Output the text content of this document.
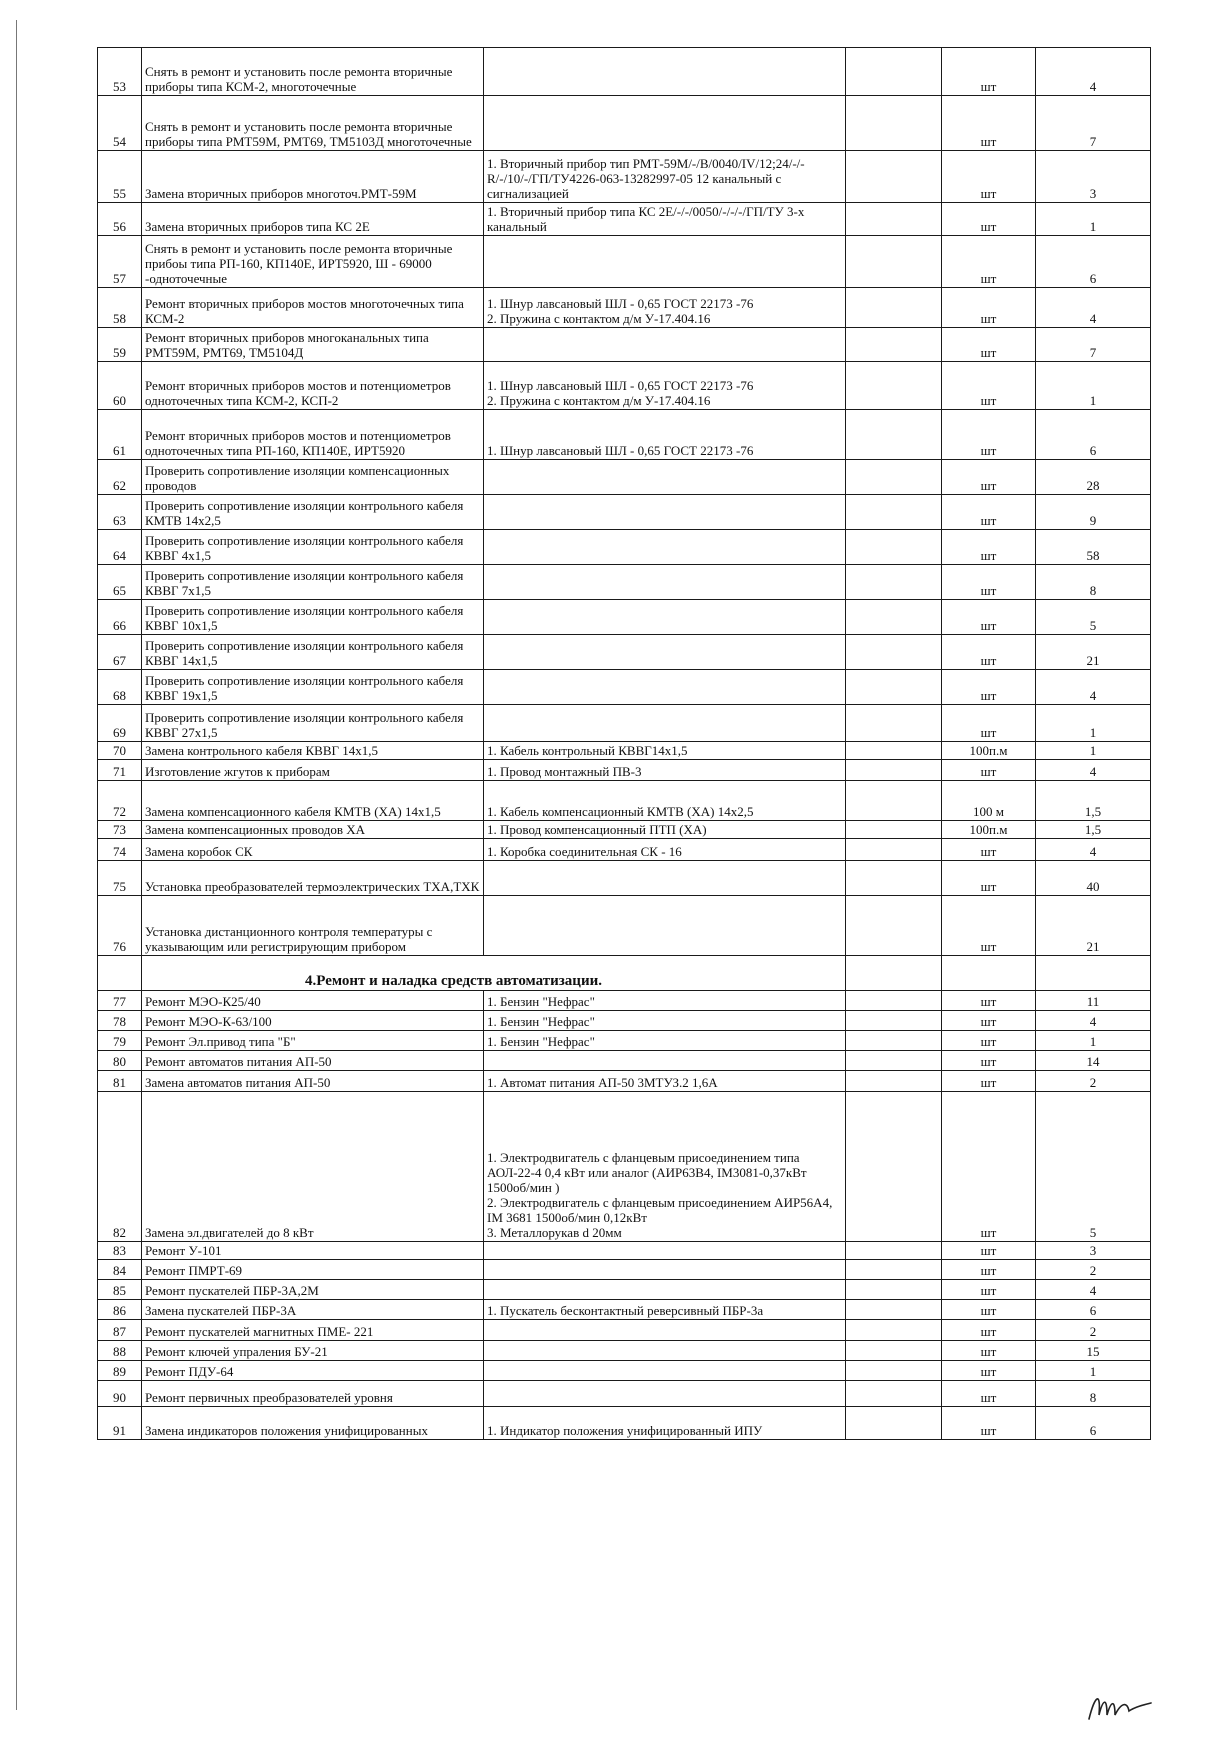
53	Снять в ремонт и установить после ремонта вторичные приборы типа КСМ-2, многоточечные			шт	4
54	Снять в ремонт и установить после ремонта вторичные приборы типа РМТ59М, РМТ69, ТМ5103Д многоточечные			шт	7
55	Замена вторичных приборов многоточ.РМТ-59М	1. Вторичный прибор тип РМТ-59М/-/В/0040/IV/12;24/-/-R/-/10/-/ГП/ТУ4226-063-13282997-05 12 канальный с сигнализацией		шт	3
56	Замена вторичных приборов типа КС 2Е	1. Вторичный прибор типа КС 2Е/-/-/0050/-/-/-/ГП/ТУ 3-х канальный		шт	1
57	Снять в ремонт и установить после ремонта вторичные прибоы типа РП-160, КП140Е, ИРТ5920, Ш - 69000 -одноточечные			шт	6
58	Ремонт вторичных приборов мостов многоточечных типа КСМ-2	1. Шнур лавсановый ШЛ - 0,65 ГОСТ 22173 -76
2. Пружина с контактом д/м У-17.404.16		шт	4
59	Ремонт вторичных приборов многоканальных типа РМТ59М, РМТ69, ТМ5104Д			шт	7
60	Ремонт вторичных приборов мостов и потенциометров одноточечных типа КСМ-2, КСП-2	1. Шнур лавсановый ШЛ - 0,65 ГОСТ 22173 -76
2. Пружина с контактом д/м У-17.404.16		шт	1
61	Ремонт вторичных приборов мостов и потенциометров одноточечных типа РП-160, КП140Е, ИРТ5920	1. Шнур лавсановый ШЛ - 0,65 ГОСТ 22173 -76		шт	6
62	Проверить сопротивление изоляции компенсационных проводов			шт	28
63	Проверить сопротивление изоляции контрольного кабеля КМТВ 14х2,5			шт	9
64	Проверить сопротивление изоляции контрольного кабеля КВВГ 4х1,5			шт	58
65	Проверить сопротивление изоляции контрольного кабеля КВВГ 7х1,5			шт	8
66	Проверить сопротивление изоляции контрольного кабеля КВВГ 10х1,5			шт	5
67	Проверить сопротивление изоляции контрольного кабеля КВВГ 14х1,5			шт	21
68	Проверить сопротивление изоляции контрольного кабеля КВВГ 19х1,5			шт	4
69	Проверить сопротивление изоляции контрольного кабеля КВВГ 27х1,5			шт	1
70	Замена контрольного кабеля КВВГ 14х1,5	1. Кабель контрольный КВВГ14х1,5		100п.м	1
71	Изготовление жгутов к приборам	1. Провод монтажный ПВ-3		шт	4
72	Замена компенсационного кабеля КМТВ (ХА) 14х1,5	1. Кабель компенсационный КМТВ (ХА) 14х2,5		100 м	1,5
73	Замена компенсационных проводов ХА	1. Провод компенсационный ПТП (ХА)		100п.м	1,5
74	Замена коробок СК	1. Коробка соединительная СК - 16		шт	4
75	Установка преобразователей термоэлектрических ТХА,ТХК			шт	40
76	Установка дистанционного контроля температуры с указывающим или регистрирующим прибором			шт	21

	4.Ремонт и наладка средств автоматизации.				

77	Ремонт МЭО-К25/40	1. Бензин "Нефрас"		шт	11
78	Ремонт МЭО-К-63/100	1. Бензин "Нефрас"		шт	4
79	Ремонт Эл.привод типа "Б"	1. Бензин "Нефрас"		шт	1
80	Ремонт автоматов питания АП-50			шт	14
81	Замена автоматов питания АП-50	1. Автомат питания АП-50 3МТУЗ.2 1,6А		шт	2
82	Замена эл.двигателей до 8 кВт	1. Электродвигатель с фланцевым присоединением типа АОЛ-22-4 0,4 кВт или аналог (АИР63В4, IM3081-0,37кВт 1500об/мин )
2. Электродвигатель с фланцевым присоединением АИР56А4, IM 3681 1500об/мин 0,12кВт
3. Металлорукав d 20мм		шт	5
83	Ремонт У-101			шт	3
84	Ремонт ПМРТ-69			шт	2
85	Ремонт пускателей ПБР-3А,2М			шт	4
86	Замена пускателей ПБР-3А	1. Пускатель бесконтактный реверсивный ПБР-3а		шт	6
87	Ремонт пускателей магнитных ПМЕ- 221			шт	2
88	Ремонт ключей упраления БУ-21			шт	15
89	Ремонт ПДУ-64			шт	1
90	Ремонт первичных преобразователей уровня			шт	8
91	Замена индикаторов положения унифицированных	1. Индикатор положения унифицированный ИПУ		шт	6
